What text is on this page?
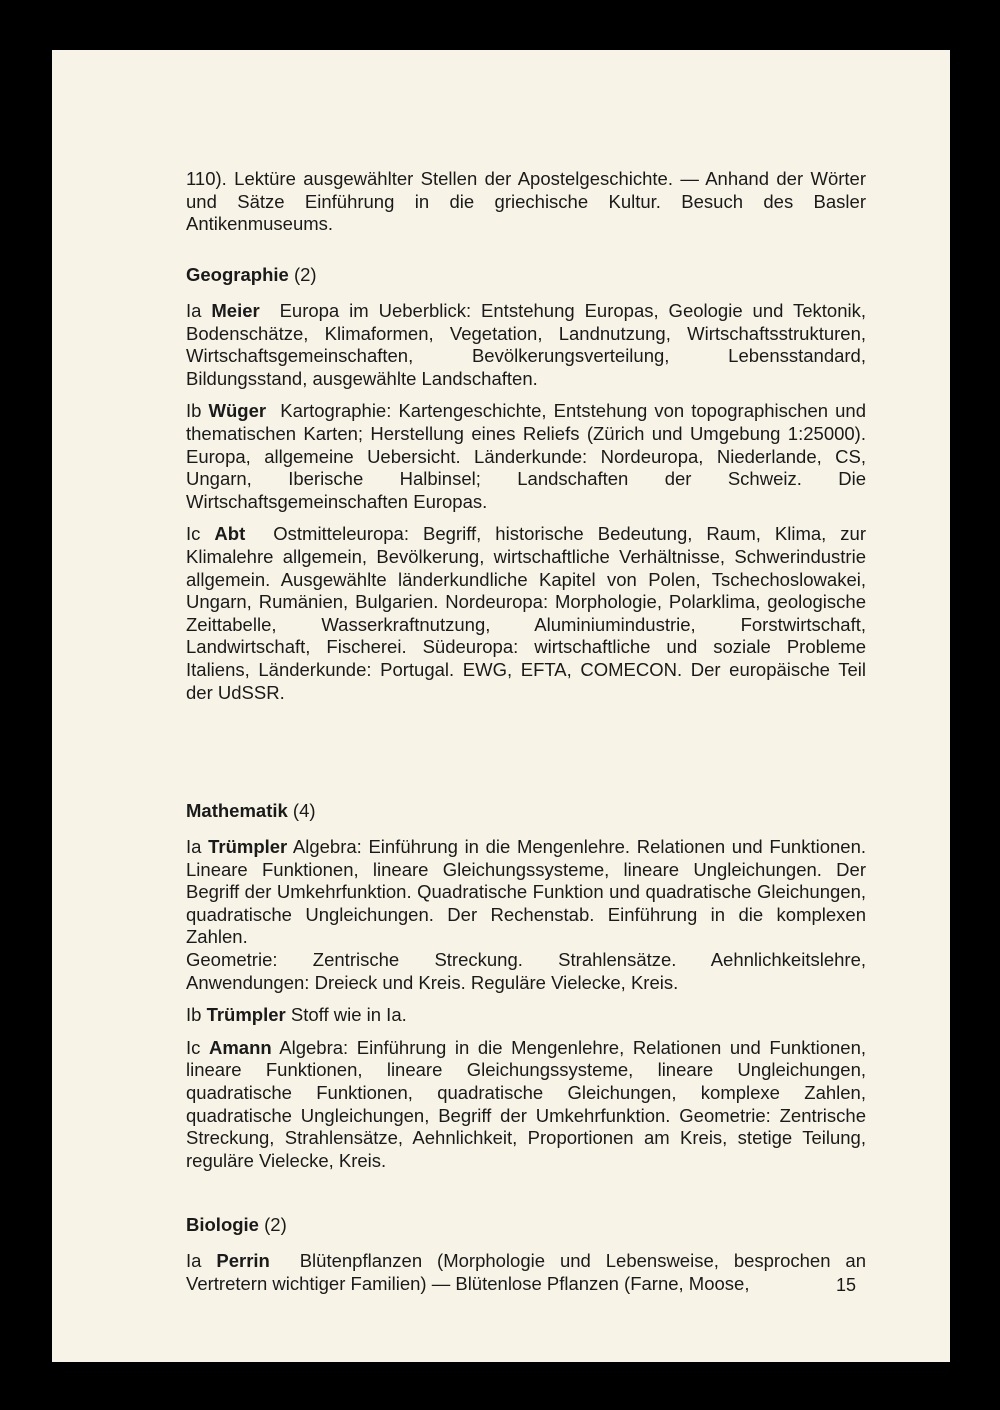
110). Lektüre ausgewählter Stellen der Apostelgeschichte. — Anhand der Wörter und Sätze Einführung in die griechische Kultur. Besuch des Basler Antikenmuseums.

Geographie (2)

Ia Meier Europa im Ueberblick: Entstehung Europas, Geologie und Tektonik, Bodenschätze, Klimaformen, Vegetation, Landnutzung, Wirtschaftsstrukturen, Wirtschaftsgemeinschaften, Bevölkerungsverteilung, Lebensstandard, Bildungsstand, ausgewählte Landschaften.

Ib Wüger Kartographie: Kartengeschichte, Entstehung von topographischen und thematischen Karten; Herstellung eines Reliefs (Zürich und Umgebung 1:25000). Europa, allgemeine Uebersicht. Länderkunde: Nordeuropa, Niederlande, CS, Ungarn, Iberische Halbinsel; Landschaften der Schweiz. Die Wirtschaftsgemeinschaften Europas.

Ic Abt Ostmitteleuropa: Begriff, historische Bedeutung, Raum, Klima, zur Klimalehre allgemein, Bevölkerung, wirtschaftliche Verhältnisse, Schwerindustrie allgemein. Ausgewählte länderkundliche Kapitel von Polen, Tschechoslowakei, Ungarn, Rumänien, Bulgarien. Nordeuropa: Morphologie, Polarklima, geologische Zeittabelle, Wasserkraftnutzung, Aluminiumindustrie, Forstwirtschaft, Landwirtschaft, Fischerei. Südeuropa: wirtschaftliche und soziale Probleme Italiens, Länderkunde: Portugal. EWG, EFTA, COMECON. Der europäische Teil der UdSSR.

Mathematik (4)

Ia Trümpler Algebra: Einführung in die Mengenlehre. Relationen und Funktionen. Lineare Funktionen, lineare Gleichungssysteme, lineare Ungleichungen. Der Begriff der Umkehrfunktion. Quadratische Funktion und quadratische Gleichungen, quadratische Ungleichungen. Der Rechenstab. Einführung in die komplexen Zahlen.
Geometrie: Zentrische Streckung. Strahlensätze. Aehnlichkeitslehre, Anwendungen: Dreieck und Kreis. Reguläre Vielecke, Kreis.

Ib Trümpler Stoff wie in Ia.

Ic Amann Algebra: Einführung in die Mengenlehre, Relationen und Funktionen, lineare Funktionen, lineare Gleichungssysteme, lineare Ungleichungen, quadratische Funktionen, quadratische Gleichungen, komplexe Zahlen, quadratische Ungleichungen, Begriff der Umkehrfunktion. Geometrie: Zentrische Streckung, Strahlensätze, Aehnlichkeit, Proportionen am Kreis, stetige Teilung, reguläre Vielecke, Kreis.

Biologie (2)

Ia Perrin Blütenpflanzen (Morphologie und Lebensweise, besprochen an Vertretern wichtiger Familien) — Blütenlose Pflanzen (Farne, Moose,	15
